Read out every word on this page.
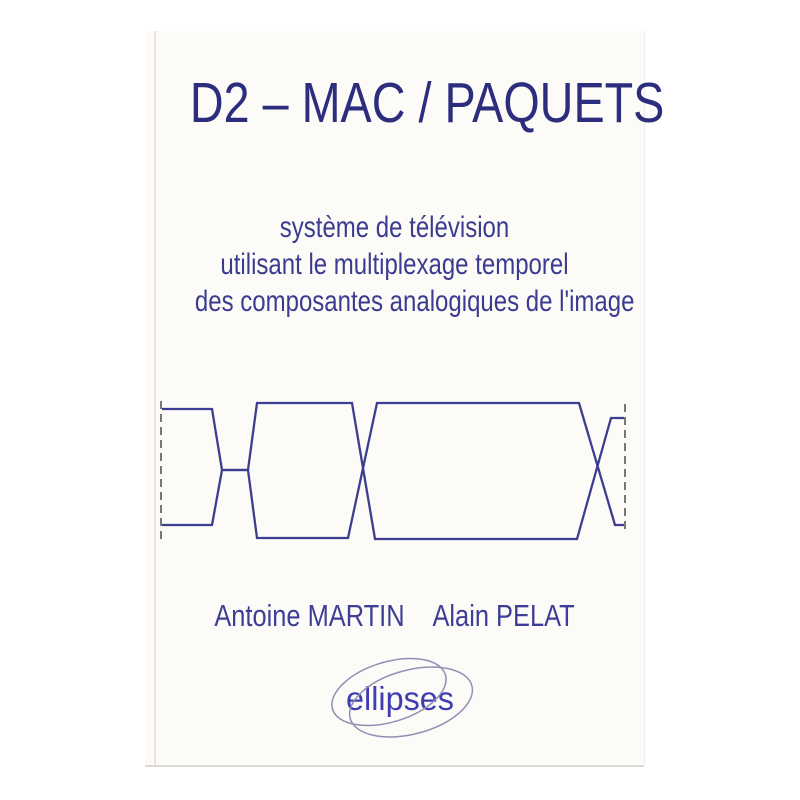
D2 – MAC / PAQUETS
système de télévision
utilisant le multiplexage temporel
des composantes analogiques de l'image
Antoine MARTIN Alain PELAT
ellipses
